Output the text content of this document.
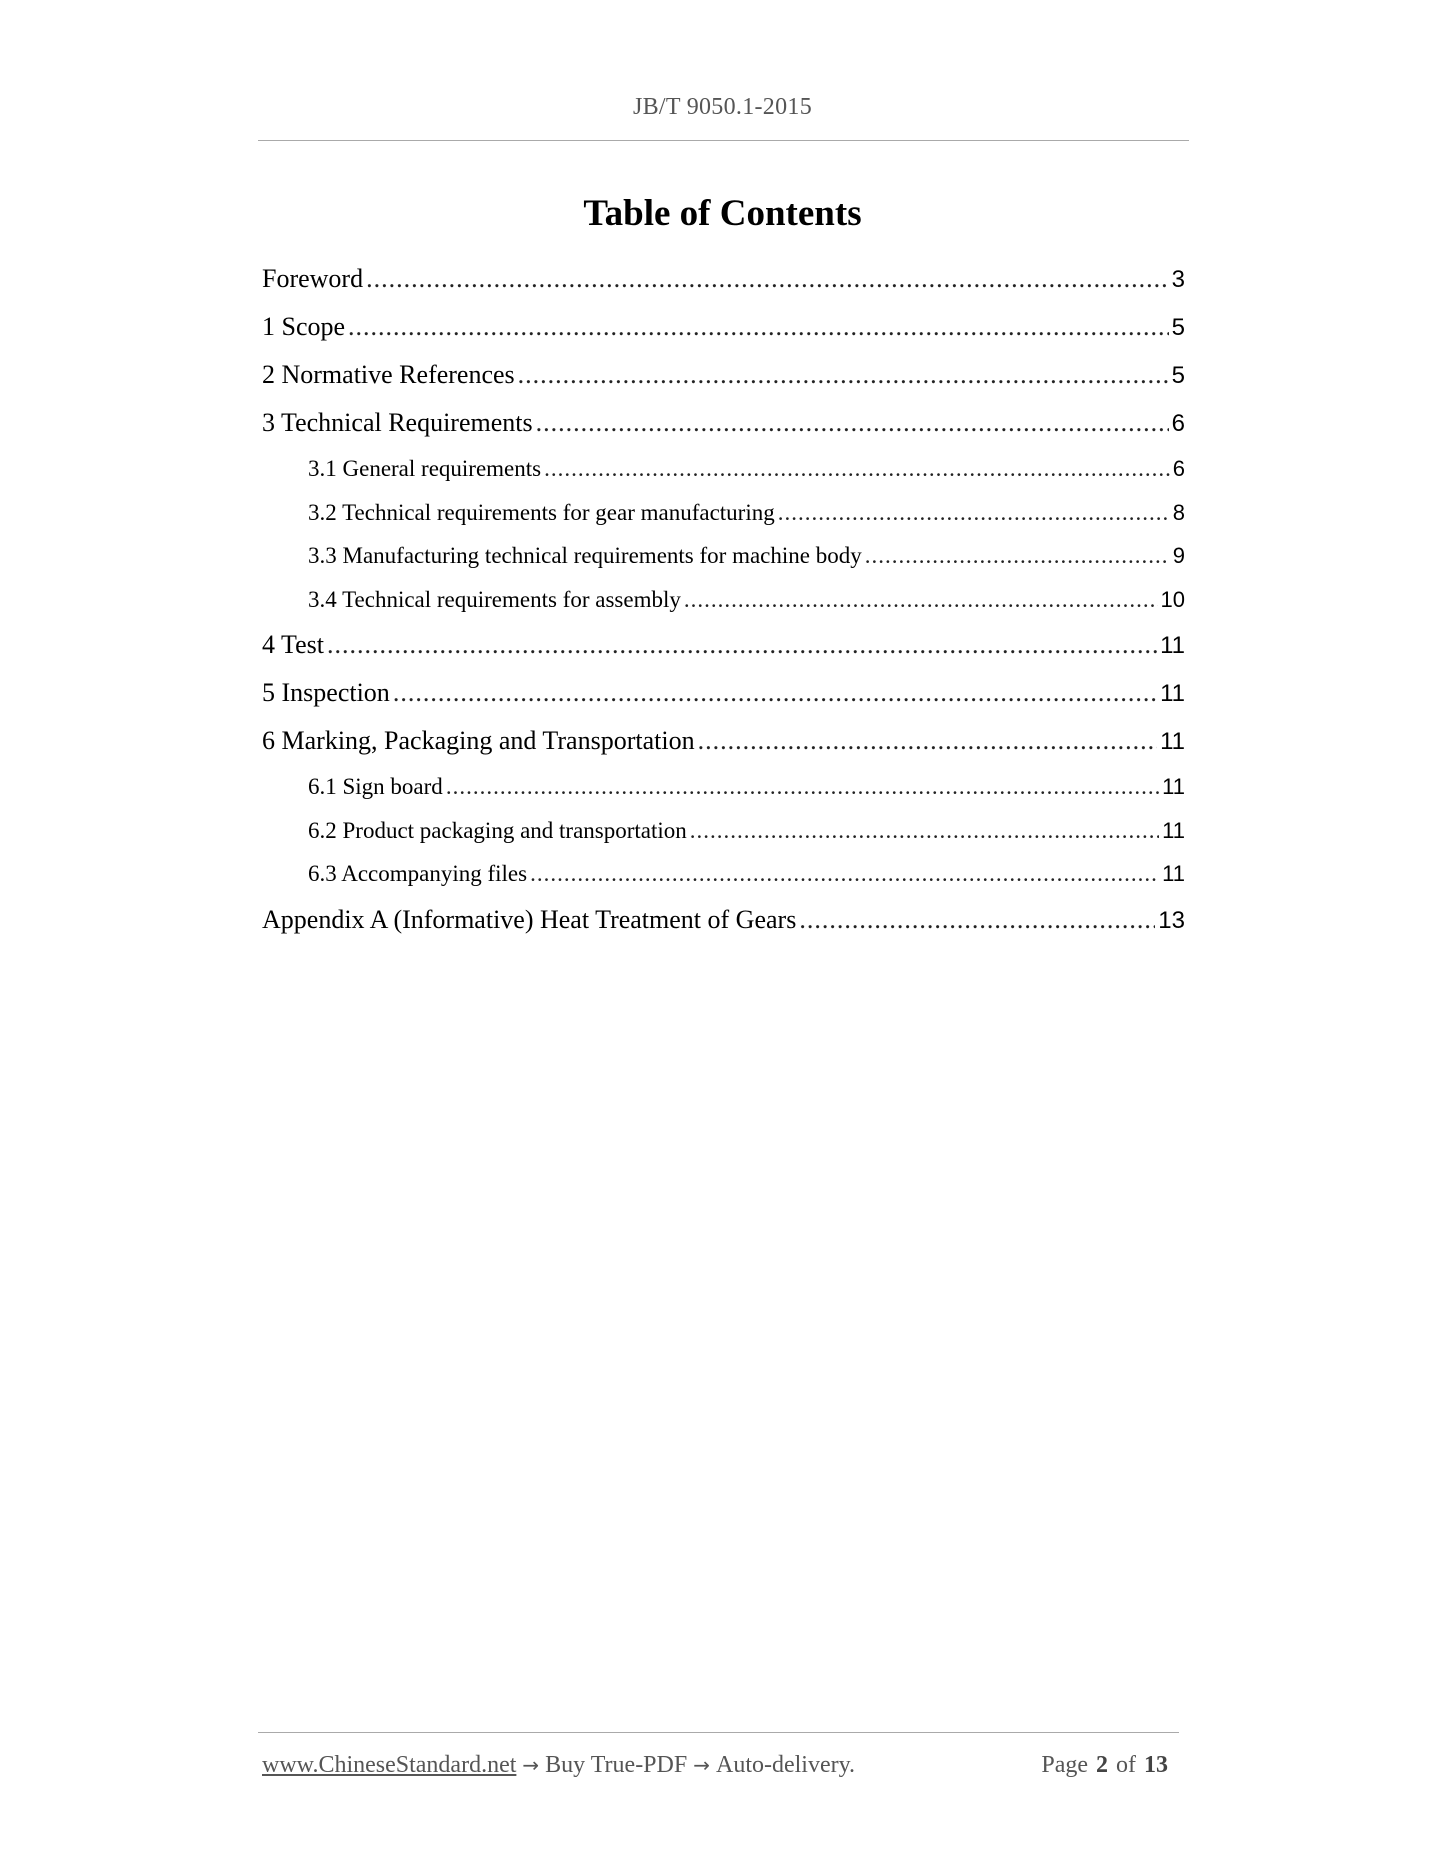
JB/T 9050.1-2015
Table of Contents
Foreword .....	3
1 Scope .....	5
2 Normative References .....	5
3 Technical Requirements .....	6
3.1 General requirements .....	6
3.2 Technical requirements for gear manufacturing .....	8
3.3 Manufacturing technical requirements for machine body .....	9
3.4 Technical requirements for assembly .....	10
4 Test .....	11
5 Inspection .....	11
6 Marking, Packaging and Transportation .....	11
6.1 Sign board .....	11
6.2 Product packaging and transportation .....	11
6.3 Accompanying files .....	11
Appendix A (Informative) Heat Treatment of Gears .....	13
www.ChineseStandard.net → Buy True-PDF → Auto-delivery.	Page 2 of 13
